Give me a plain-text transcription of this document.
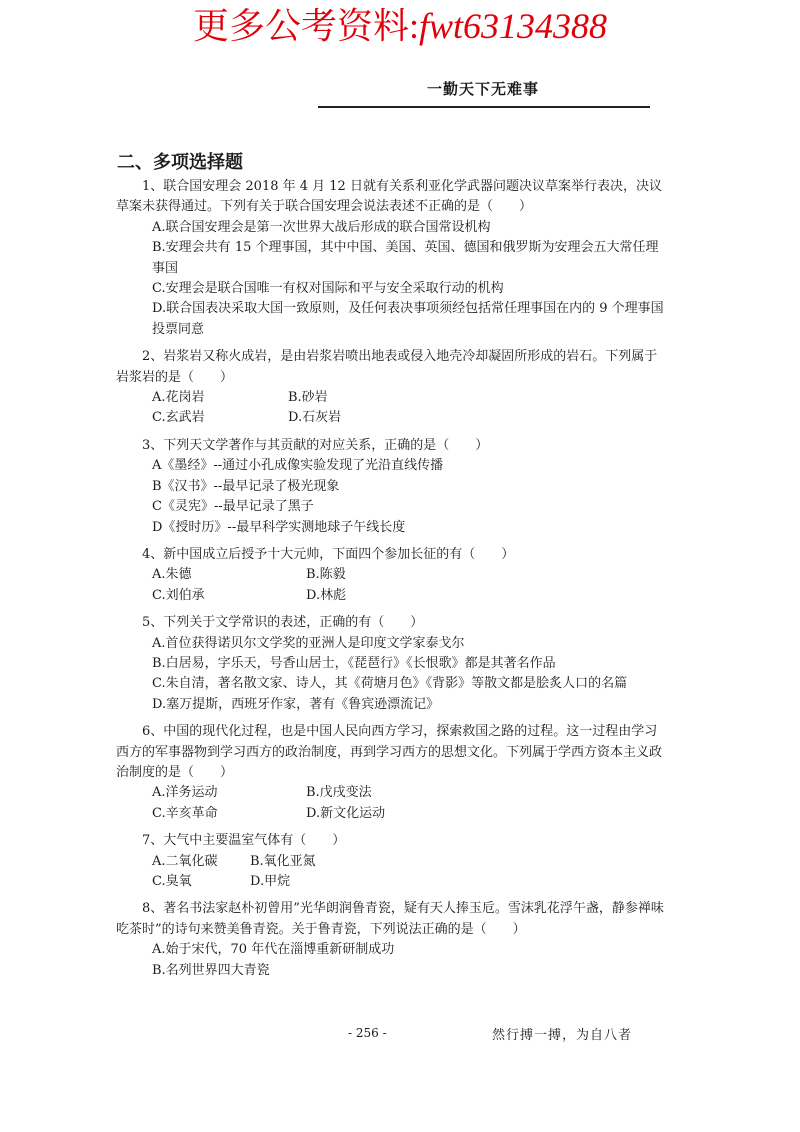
更多公考资料:fwt63134388
一勤天下无难事
二、多项选择题
1、联合国安理会 2018 年 4 月 12 日就有关系利亚化学武器问题决议草案举行表决，决议草案未获得通过。下列有关于联合国安理会说法表述不正确的是（　　）
A.联合国安理会是第一次世界大战后形成的联合国常设机构
B.安理会共有 15 个理事国，其中中国、美国、英国、德国和俄罗斯为安理会五大常任理事国
C.安理会是联合国唯一有权对国际和平与安全采取行动的机构
D.联合国表决采取大国一致原则，及任何表决事项须经包括常任理事国在内的 9 个理事国投票同意
2、岩浆岩又称火成岩，是由岩浆岩喷出地表或侵入地壳冷却凝固所形成的岩石。下列属于岩浆岩的是（　　）
A.花岗岩	B.砂岩
C.玄武岩	D.石灰岩
3、下列天文学著作与其贡献的对应关系，正确的是（　　）
A《墨经》--通过小孔成像实验发现了光沿直线传播
B《汉书》--最早记录了极光现象
C《灵宪》--最早记录了黑子
D《授时历》--最早科学实测地球子午线长度
4、新中国成立后授予十大元帅，下面四个参加长征的有（　　）
A.朱德	B.陈毅
C.刘伯承	D.林彪
5、下列关于文学常识的表述，正确的有（　　）
A.首位获得诺贝尔文学奖的亚洲人是印度文学家泰戈尔
B.白居易，字乐天，号香山居士，《琵琶行》《长恨歌》都是其著名作品
C.朱自清，著名散文家、诗人，其《荷塘月色》《背影》等散文都是脍炙人口的名篇
D.塞万提斯，西班牙作家，著有《鲁宾逊漂流记》
6、中国的现代化过程，也是中国人民向西方学习，探索救国之路的过程。这一过程由学习西方的军事器物到学习西方的政治制度，再到学习西方的思想文化。下列属于学西方资本主义政治制度的是（　　）
A.洋务运动	B.戊戌变法
C.辛亥革命	D.新文化运动
7、大气中主要温室气体有（　　）
A.二氧化碳	B.氧化亚氮
C.臭氧	D.甲烷
8、著名书法家赵朴初曾用”光华朗润鲁青瓷，疑有天人捧玉卮。雪沫乳花浮午盏，静参禅味吃茶时”的诗句来赞美鲁青瓷。关于鲁青瓷，下列说法正确的是（　　）
A.始于宋代，70 年代在淄博重新研制成功
B.名列世界四大青瓷
- 256 -	然行搏一搏，为自八者
